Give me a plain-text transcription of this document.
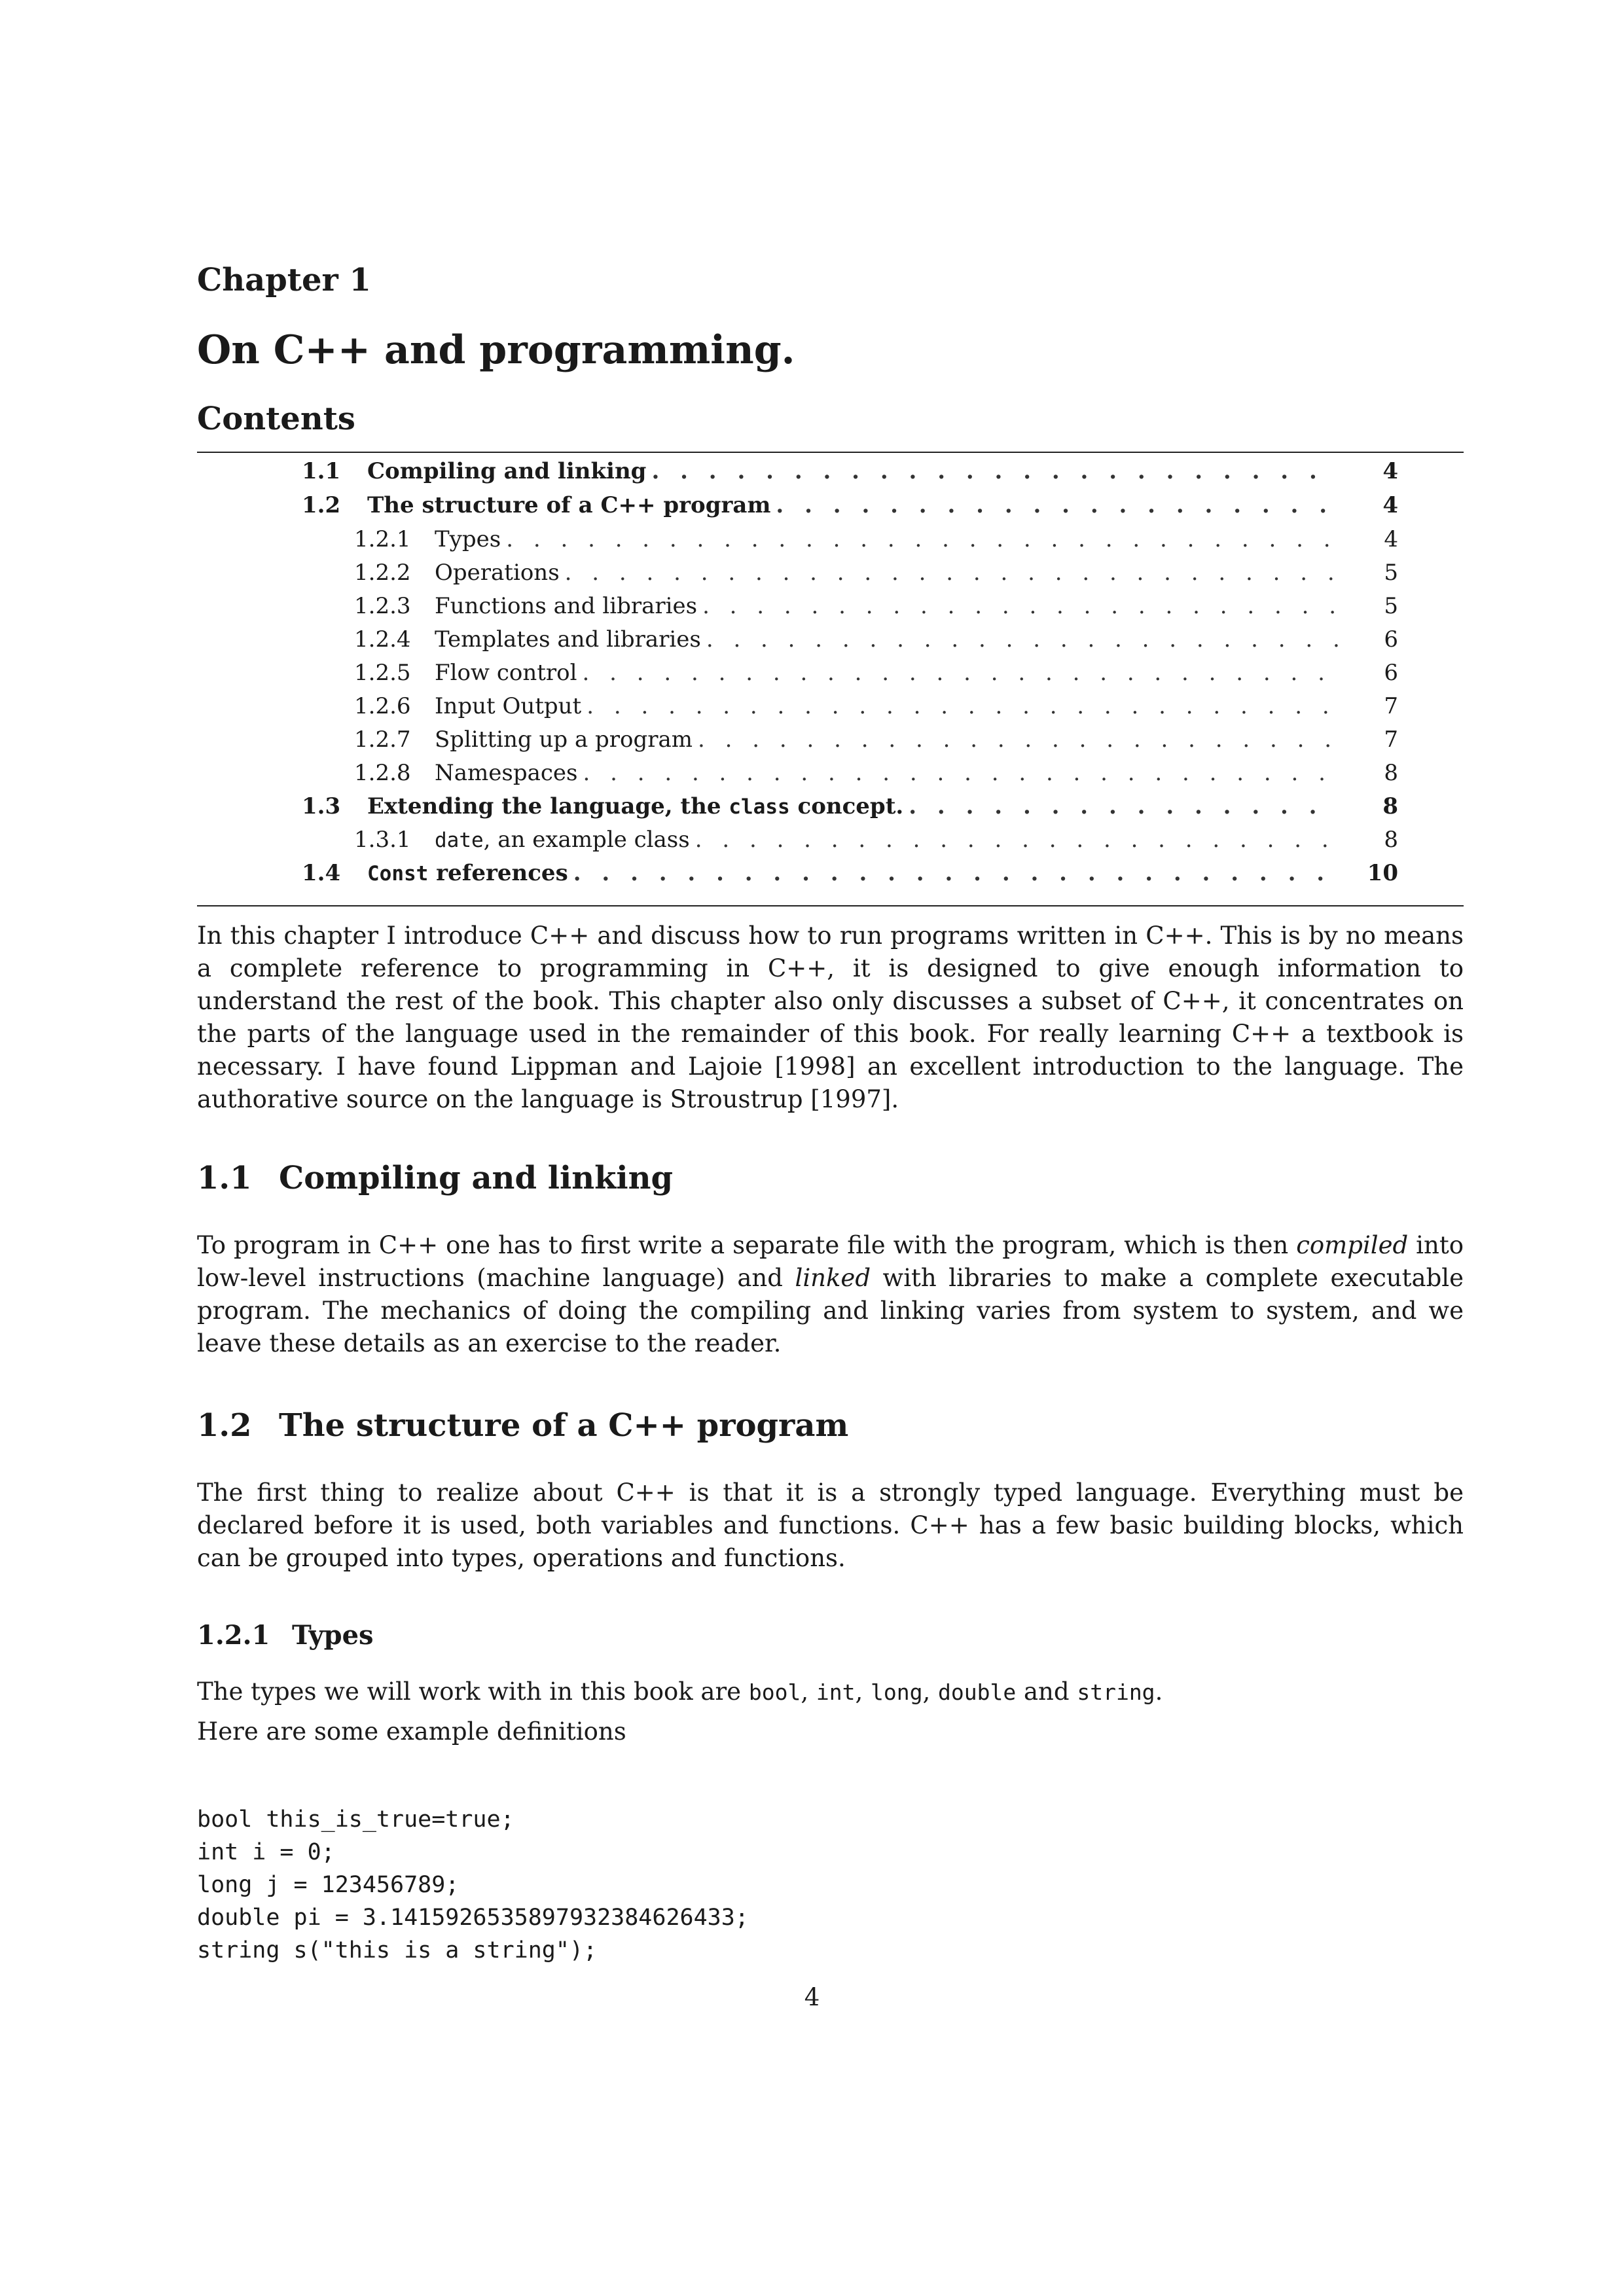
Chapter 1
On C++ and programming.
Contents
1.1	Compiling and linking . . .	4
1.2	The structure of a C++ program . . .	4
1.2.1	Types . . .	4
1.2.2	Operations . . .	5
1.2.3	Functions and libraries . . .	5
1.2.4	Templates and libraries . . .	6
1.2.5	Flow control . . .	6
1.2.6	Input Output . . .	7
1.2.7	Splitting up a program . . .	7
1.2.8	Namespaces . . .	8
1.3	Extending the language, the class concept. . . .	8
1.3.1	date, an example class . . .	8
1.4	Const references . . .	10
In this chapter I introduce C++ and discuss how to run programs written in C++. This is by no means a complete reference to programming in C++, it is designed to give enough information to understand the rest of the book. This chapter also only discusses a subset of C++, it concentrates on the parts of the language used in the remainder of this book. For really learning C++ a textbook is necessary. I have found Lippman and Lajoie [1998] an excellent introduction to the language. The authorative source on the language is Stroustrup [1997].
1.1 Compiling and linking
To program in C++ one has to first write a separate file with the program, which is then compiled into low-level instructions (machine language) and linked with libraries to make a complete executable program. The mechanics of doing the compiling and linking varies from system to system, and we leave these details as an exercise to the reader.
1.2 The structure of a C++ program
The first thing to realize about C++ is that it is a strongly typed language. Everything must be declared before it is used, both variables and functions. C++ has a few basic building blocks, which can be grouped into types, operations and functions.
1.2.1 Types
The types we will work with in this book are bool, int, long, double and string.
Here are some example definitions

bool this_is_true=true;
int i = 0;
long j = 123456789;
double pi = 3.1415926535897932384626433;
string s("this is a string");

4
